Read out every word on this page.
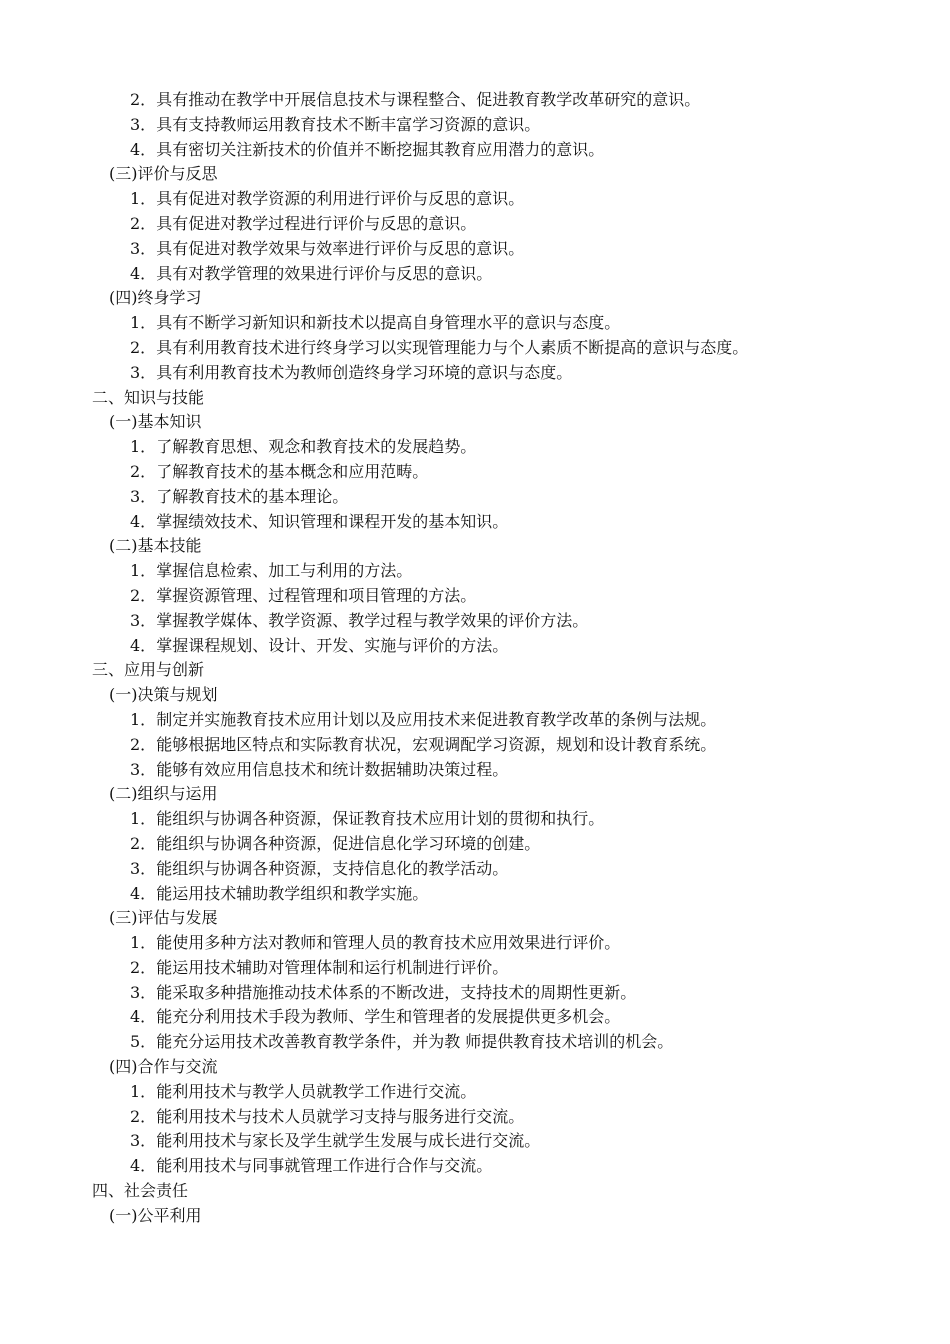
2．具有推动在教学中开展信息技术与课程整合、促进教育教学改革研究的意识。
3．具有支持教师运用教育技术不断丰富学习资源的意识。
4．具有密切关注新技术的价值并不断挖掘其教育应用潜力的意识。
(三)评价与反思
1．具有促进对教学资源的利用进行评价与反思的意识。
2．具有促进对教学过程进行评价与反思的意识。
3．具有促进对教学效果与效率进行评价与反思的意识。
4．具有对教学管理的效果进行评价与反思的意识。
(四)终身学习
1．具有不断学习新知识和新技术以提高自身管理水平的意识与态度。
2．具有利用教育技术进行终身学习以实现管理能力与个人素质不断提高的意识与态度。
3．具有利用教育技术为教师创造终身学习环境的意识与态度。
二、知识与技能
(一)基本知识
1．了解教育思想、观念和教育技术的发展趋势。
2．了解教育技术的基本概念和应用范畴。
3．了解教育技术的基本理论。
4．掌握绩效技术、知识管理和课程开发的基本知识。
(二)基本技能
1．掌握信息检索、加工与利用的方法。
2．掌握资源管理、过程管理和项目管理的方法。
3．掌握教学媒体、教学资源、教学过程与教学效果的评价方法。
4．掌握课程规划、设计、开发、实施与评价的方法。
三、应用与创新
(一)决策与规划
1．制定并实施教育技术应用计划以及应用技术来促进教育教学改革的条例与法规。
2．能够根据地区特点和实际教育状况，宏观调配学习资源，规划和设计教育系统。
3．能够有效应用信息技术和统计数据辅助决策过程。
(二)组织与运用
1．能组织与协调各种资源，保证教育技术应用计划的贯彻和执行。
2．能组织与协调各种资源，促进信息化学习环境的创建。
3．能组织与协调各种资源，支持信息化的教学活动。
4．能运用技术辅助教学组织和教学实施。
(三)评估与发展
1．能使用多种方法对教师和管理人员的教育技术应用效果进行评价。
2．能运用技术辅助对管理体制和运行机制进行评价。
3．能采取多种措施推动技术体系的不断改进，支持技术的周期性更新。
4．能充分利用技术手段为教师、学生和管理者的发展提供更多机会。
5．能充分运用技术改善教育教学条件，并为教 师提供教育技术培训的机会。
(四)合作与交流
1．能利用技术与教学人员就教学工作进行交流。
2．能利用技术与技术人员就学习支持与服务进行交流。
3．能利用技术与家长及学生就学生发展与成长进行交流。
4．能利用技术与同事就管理工作进行合作与交流。
四、社会责任
(一)公平利用
